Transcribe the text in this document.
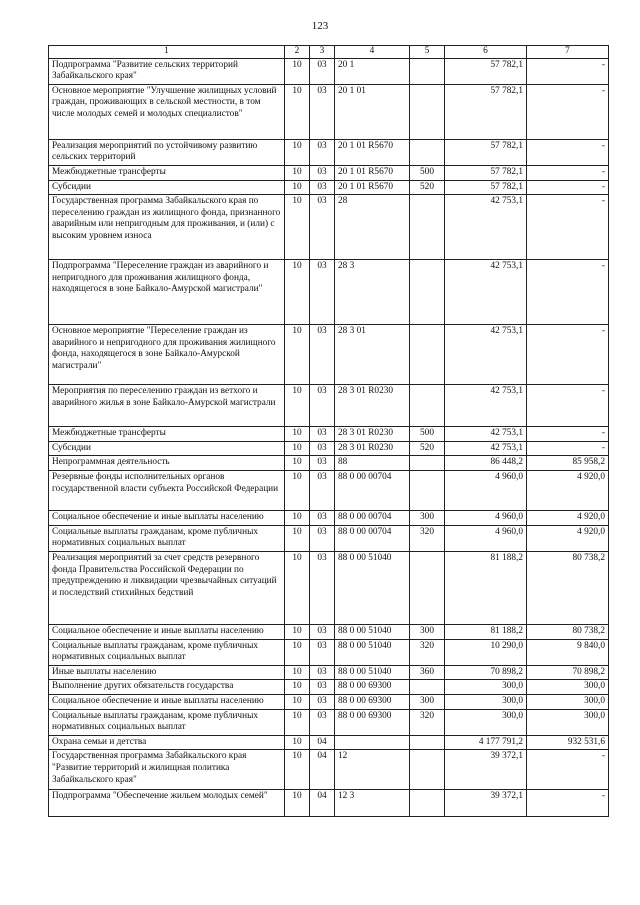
123
1	2	3	4	5	6	7
Подпрограмма "Развитие сельских территорий Забайкальского края"	10	03	20 1		57 782,1	-
Основное мероприятие "Улучшение жилищных условий граждан, проживающих в сельской местности, в том числе молодых семей и молодых специалистов"	10	03	20 1 01		57 782,1	-
Реализация мероприятий по устойчивому развитию сельских территорий	10	03	20 1 01 R5670		57 782,1	-
Межбюджетные трансферты	10	03	20 1 01 R5670	500	57 782,1	-
Субсидии	10	03	20 1 01 R5670	520	57 782,1	-
Государственная программа Забайкальского края по переселению граждан из жилищного фонда, признанного аварийным или непригодным для проживания, и (или) с высоким уровнем износа	10	03	28		42 753,1	-
Подпрограмма "Переселение граждан из аварийного и непригодного для проживания жилищного фонда, находящегося в зоне Байкало-Амурской магистрали"	10	03	28 3		42 753,1	-
Основное мероприятие "Переселение граждан из аварийного и непригодного для проживания жилищного фонда, находящегося в зоне Байкало-Амурской магистрали"	10	03	28 3 01		42 753,1	-
Мероприятия по переселению граждан из ветхого и аварийного жилья в зоне Байкало-Амурской магистрали	10	03	28 3 01 R0230		42 753,1	-
Межбюджетные трансферты	10	03	28 3 01 R0230	500	42 753,1	-
Субсидии	10	03	28 3 01 R0230	520	42 753,1	-
Непрограммная деятельность	10	03	88		86 448,2	85 958,2
Резервные фонды исполнительных органов государственной власти субъекта Российской Федерации	10	03	88 0 00 00704		4 960,0	4 920,0
Социальное обеспечение и иные выплаты населению	10	03	88 0 00 00704	300	4 960,0	4 920,0
Социальные выплаты гражданам, кроме публичных нормативных социальных выплат	10	03	88 0 00 00704	320	4 960,0	4 920,0
Реализация мероприятий за счет средств резервного фонда Правительства Российской Федерации по предупреждению и ликвидации чрезвычайных ситуаций и последствий стихийных бедствий	10	03	88 0 00 51040		81 188,2	80 738,2
Социальное обеспечение и иные выплаты населению	10	03	88 0 00 51040	300	81 188,2	80 738,2
Социальные выплаты гражданам, кроме публичных нормативных социальных выплат	10	03	88 0 00 51040	320	10 290,0	9 840,0
Иные выплаты населению	10	03	88 0 00 51040	360	70 898,2	70 898,2
Выполнение других обязательств государства	10	03	88 0 00 69300		300,0	300,0
Социальное обеспечение и иные выплаты населению	10	03	88 0 00 69300	300	300,0	300,0
Социальные выплаты гражданам, кроме публичных нормативных социальных выплат	10	03	88 0 00 69300	320	300,0	300,0
Охрана семьи и детства	10	04			4 177 791,2	932 531,6
Государственная программа Забайкальского края "Развитие территорий и жилищная политика Забайкальского края"	10	04	12		39 372,1	-
Подпрограмма "Обеспечение жильем молодых семей"	10	04	12 3		39 372,1	-
